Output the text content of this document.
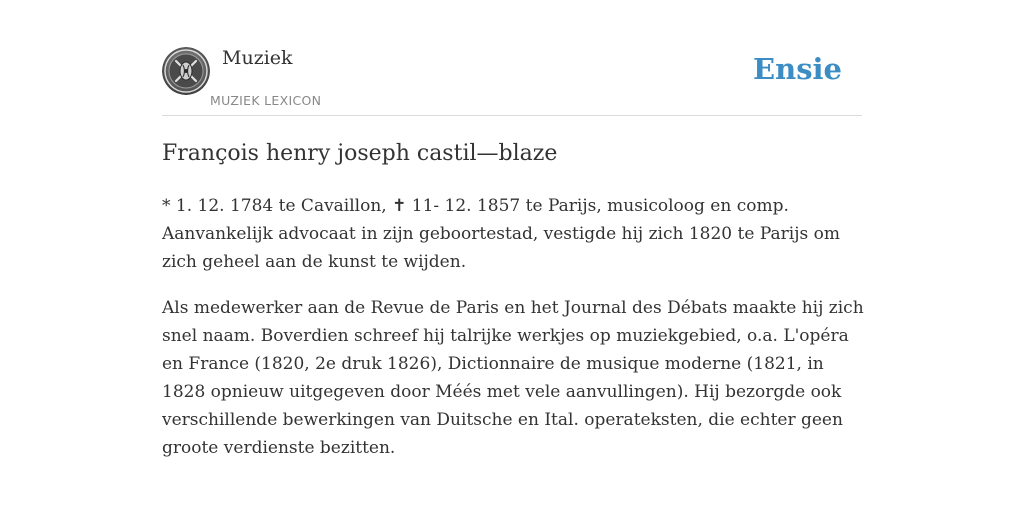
Muziek
MUZIEK LEXICON
Ensie
François henry joseph castil—blaze

* 1. 12. 1784 te Cavaillon, ✝ 11- 12. 1857 te Parijs, musicoloog en comp. Aanvankelijk advocaat in zijn geboortestad, vestigde hij zich 1820 te Parijs om zich geheel aan de kunst te wijden.

Als medewerker aan de Revue de Paris en het Journal des Débats maakte hij zich snel naam. Boverdien schreef hij talrijke werkjes op muziekgebied, o.a. L'opéra en France (1820, 2e druk 1826), Dictionnaire de musique moderne (1821, in 1828 opnieuw uitgegeven door Méés met vele aanvullingen). Hij bezorgde ook verschillende bewerkingen van Duitsche en Ital. operateksten, die echter geen groote verdienste bezitten.
